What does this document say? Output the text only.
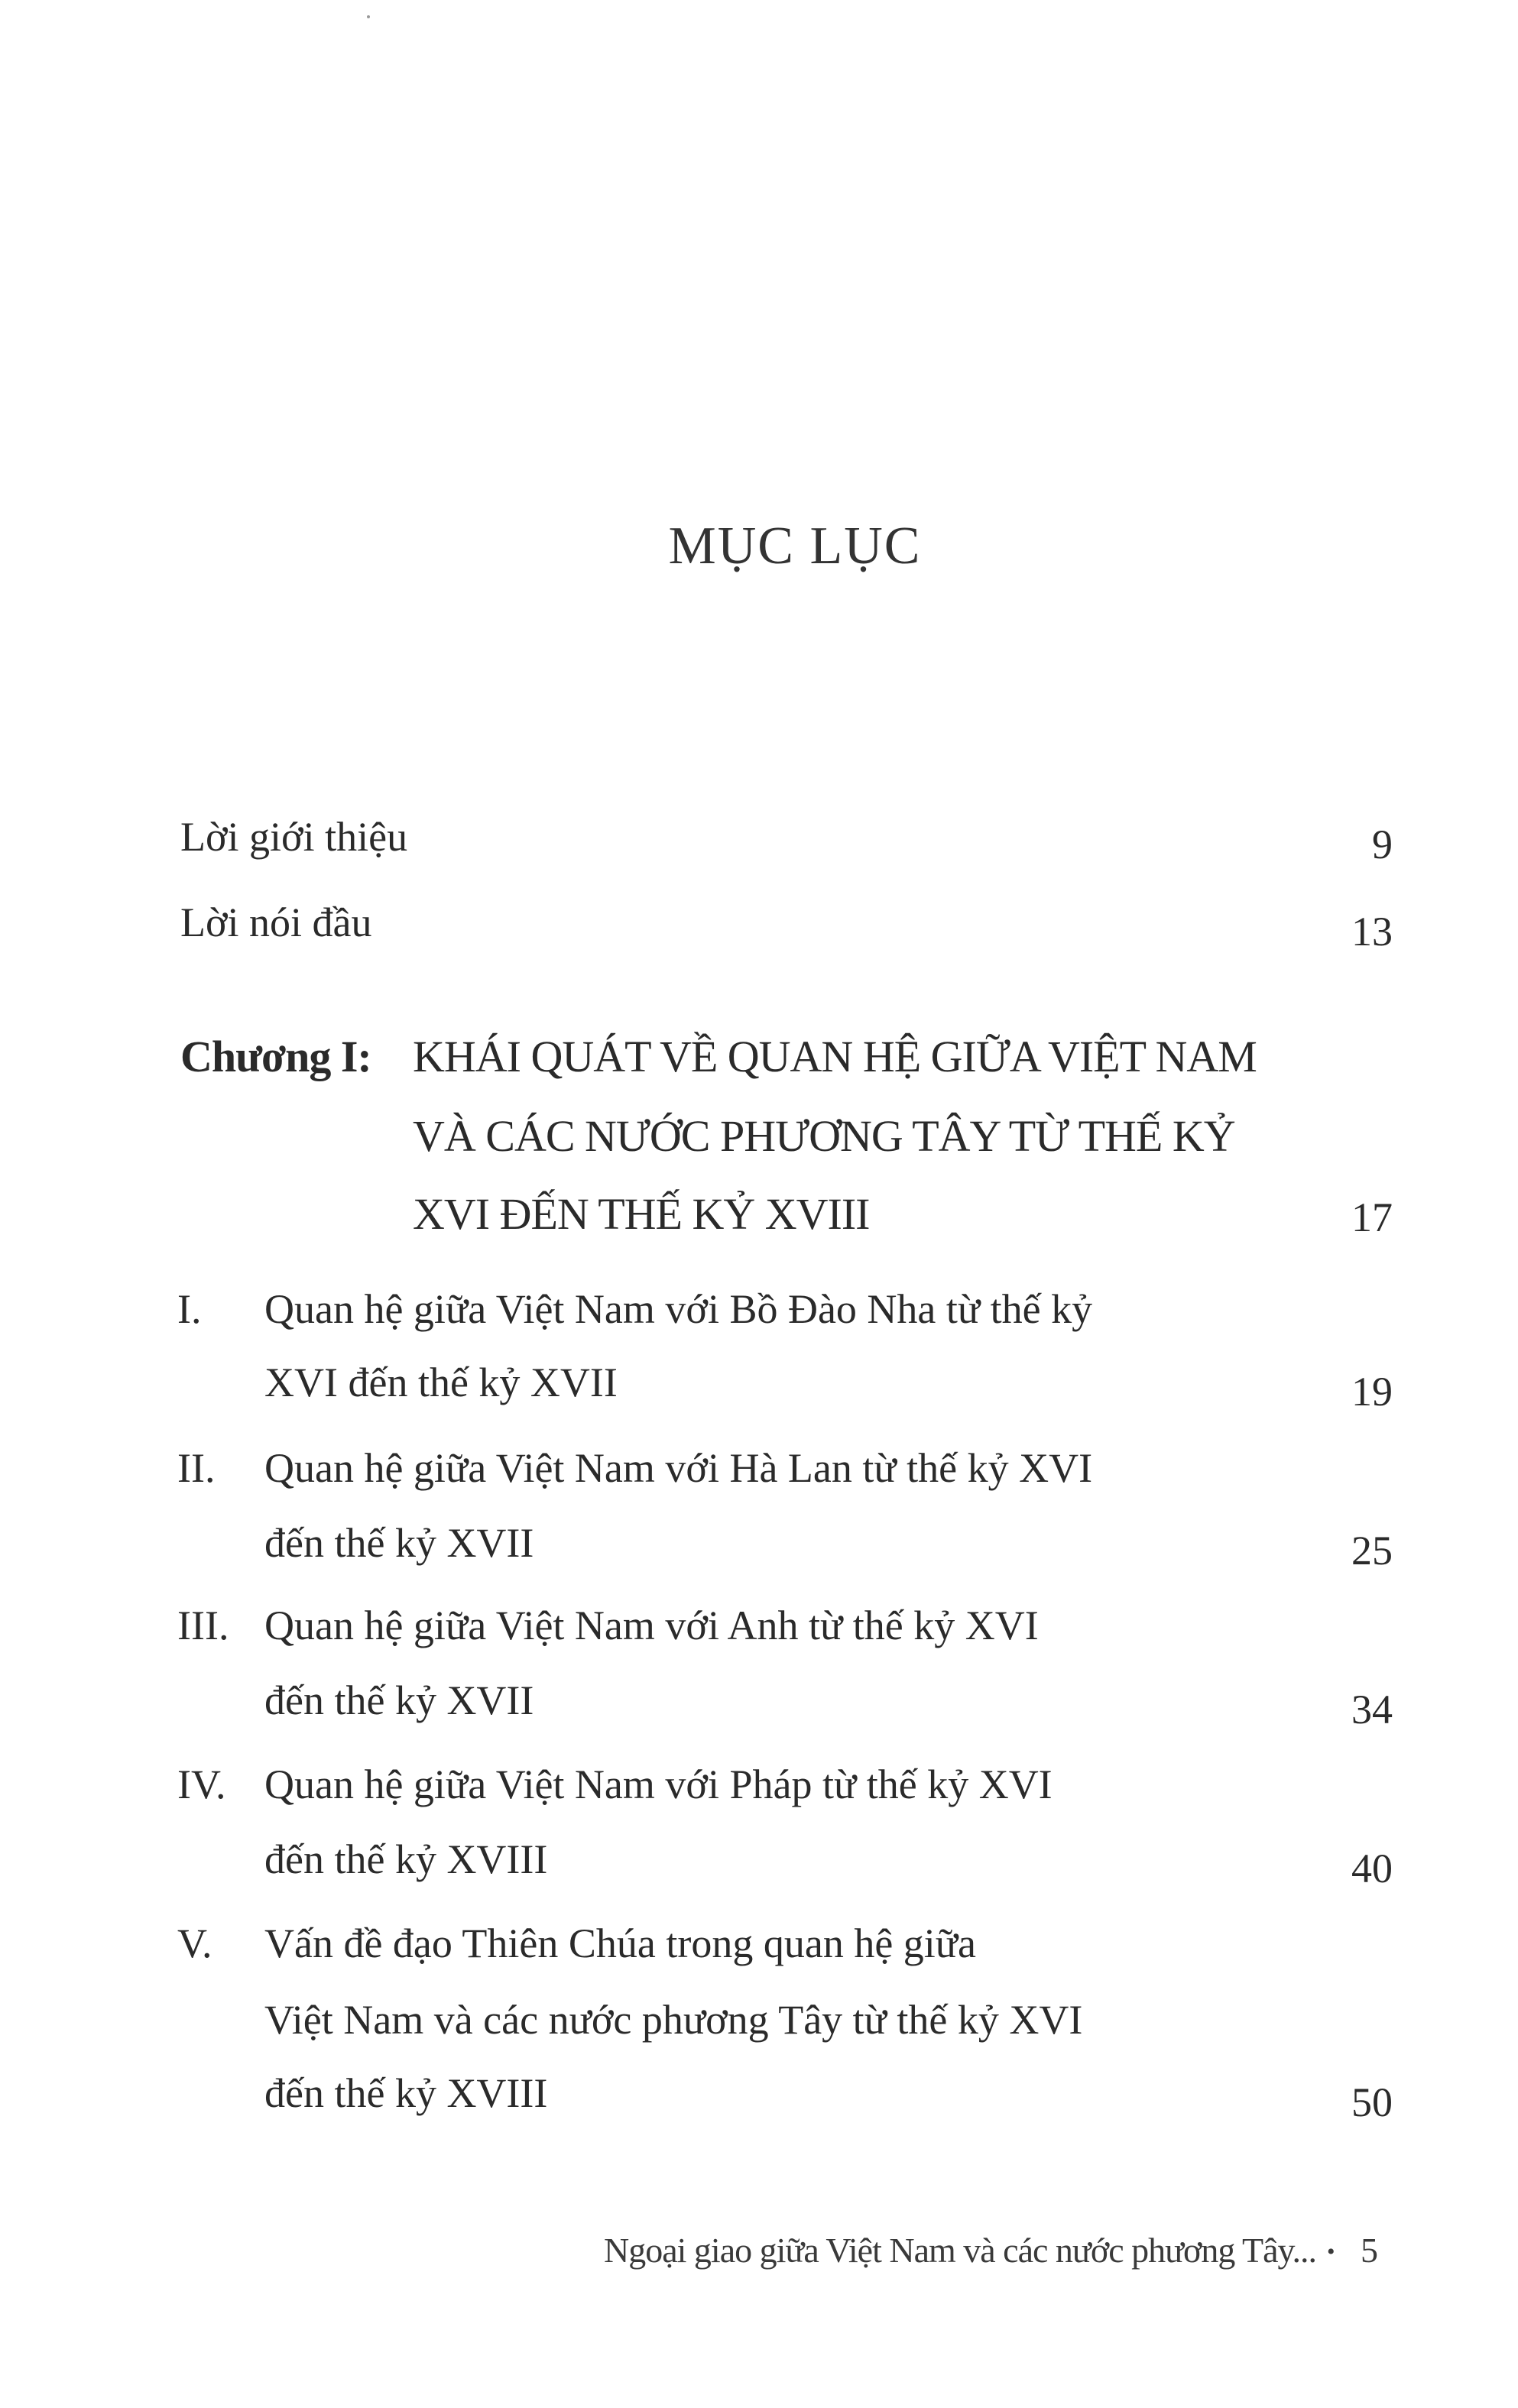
MỤC LỤC
Lời giới thiệu	9
Lời nói đầu	13
Chương I: KHÁI QUÁT VỀ QUAN HỆ GIỮA VIỆT NAM
VÀ CÁC NƯỚC PHƯƠNG TÂY TỪ THẾ KỶ
XVI ĐẾN THẾ KỶ XVIII	17
I. Quan hệ giữa Việt Nam với Bồ Đào Nha từ thế kỷ
XVI đến thế kỷ XVII	19
II. Quan hệ giữa Việt Nam với Hà Lan từ thế kỷ XVI
đến thế kỷ XVII	25
III. Quan hệ giữa Việt Nam với Anh từ thế kỷ XVI
đến thế kỷ XVII	34
IV. Quan hệ giữa Việt Nam với Pháp từ thế kỷ XVI
đến thế kỷ XVIII	40
V. Vấn đề đạo Thiên Chúa trong quan hệ giữa
Việt Nam và các nước phương Tây từ thế kỷ XVI
đến thế kỷ XVIII	50
Ngoại giao giữa Việt Nam và các nước phương Tây... • 5
